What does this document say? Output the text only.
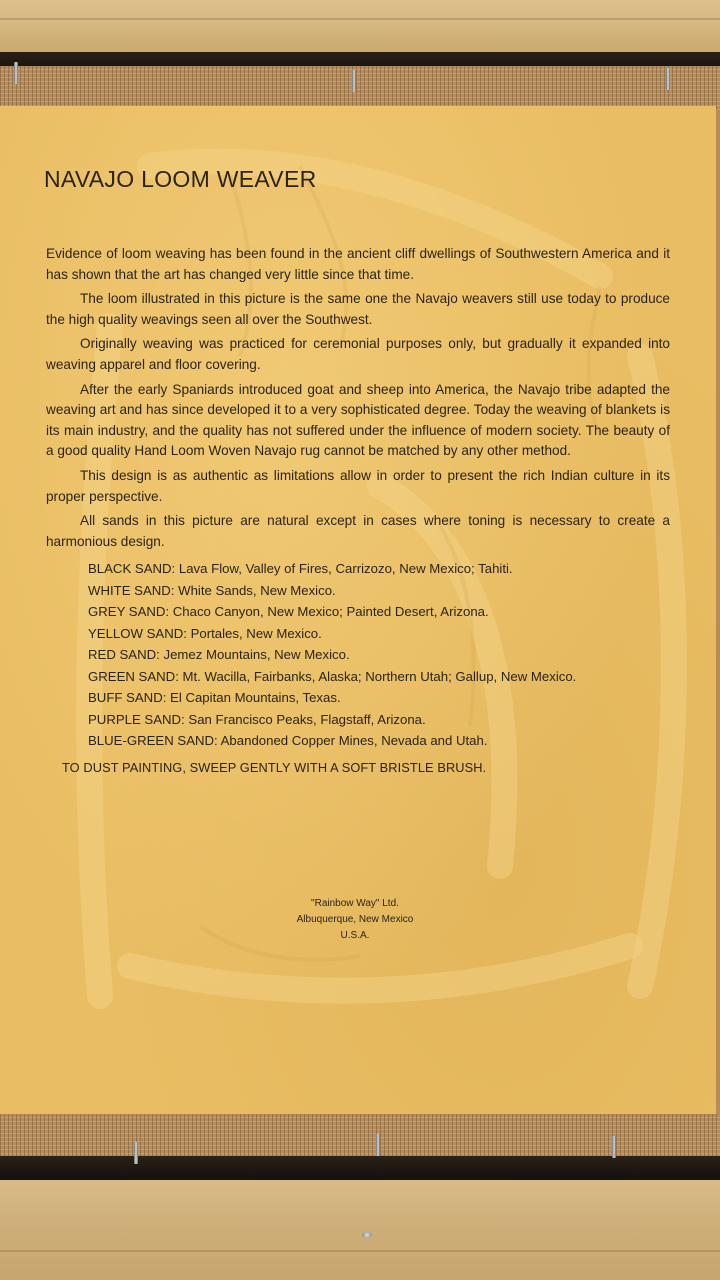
NAVAJO LOOM WEAVER

Evidence of loom weaving has been found in the ancient cliff dwellings of Southwestern America and it has shown that the art has changed very little since that time.

The loom illustrated in this picture is the same one the Navajo weavers still use today to produce the high quality weavings seen all over the Southwest.

Originally weaving was practiced for ceremonial purposes only, but gradually it expanded into weaving apparel and floor covering.

After the early Spaniards introduced goat and sheep into America, the Navajo tribe adapted the weaving art and has since developed it to a very sophisticated degree. Today the weaving of blankets is its main industry, and the quality has not suffered under the influence of modern society. The beauty of a good quality Hand Loom Woven Navajo rug cannot be matched by any other method.

This design is as authentic as limitations allow in order to present the rich Indian culture in its proper perspective.

All sands in this picture are natural except in cases where toning is necessary to create a harmonious design.

BLACK SAND: Lava Flow, Valley of Fires, Carrizozo, New Mexico; Tahiti.
WHITE SAND: White Sands, New Mexico.
GREY SAND: Chaco Canyon, New Mexico; Painted Desert, Arizona.
YELLOW SAND: Portales, New Mexico.
RED SAND: Jemez Mountains, New Mexico.
GREEN SAND: Mt. Wacilla, Fairbanks, Alaska; Northern Utah; Gallup, New Mexico.
BUFF SAND: El Capitan Mountains, Texas.
PURPLE SAND: San Francisco Peaks, Flagstaff, Arizona.
BLUE-GREEN SAND: Abandoned Copper Mines, Nevada and Utah.
TO DUST PAINTING, SWEEP GENTLY WITH A SOFT BRISTLE BRUSH.
"Rainbow Way" Ltd.
Albuquerque, New Mexico
U.S.A.
